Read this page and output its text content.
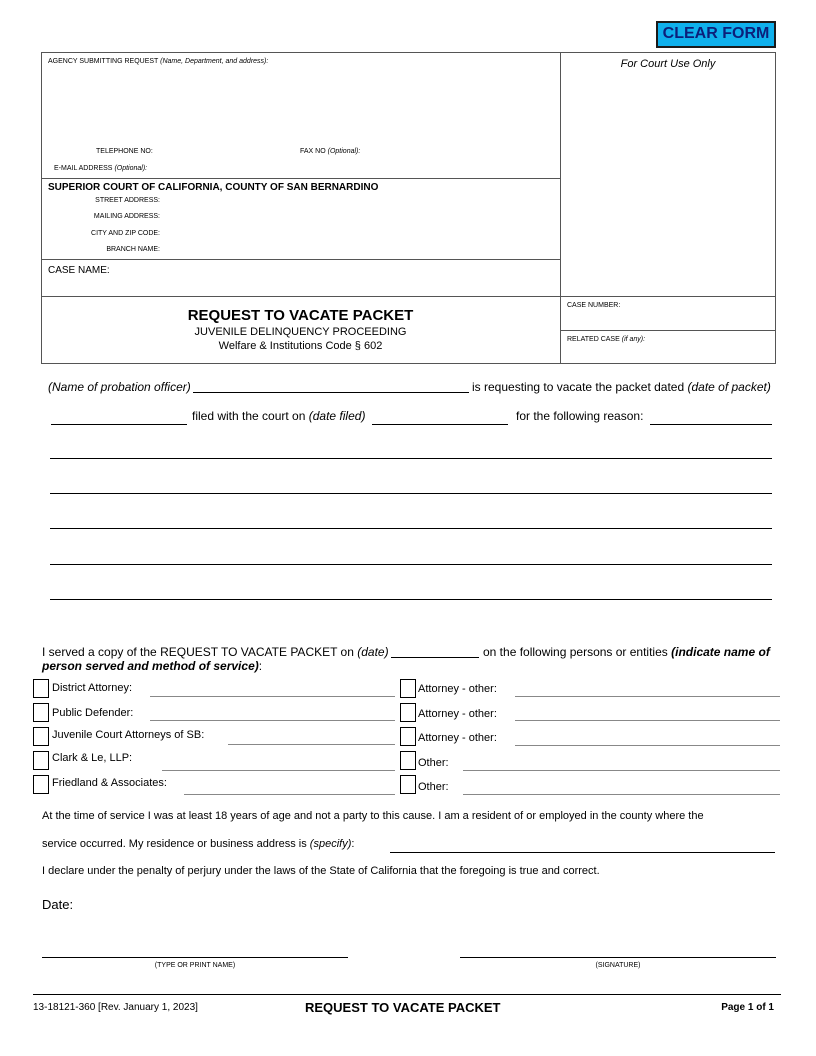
CLEAR FORM
AGENCY SUBMITTING REQUEST (Name, Department, and address):
TELEPHONE NO:	FAX NO (Optional):
E-MAIL ADDRESS (Optional):
For Court Use Only
SUPERIOR COURT OF CALIFORNIA, COUNTY OF SAN BERNARDINO
STREET ADDRESS:
MAILING ADDRESS:
CITY AND ZIP CODE:
BRANCH NAME:
CASE NAME:
REQUEST TO VACATE PACKET
JUVENILE DELINQUENCY PROCEEDING
Welfare & Institutions Code § 602
CASE NUMBER:
RELATED CASE (if any):
(Name of probation officer)	is requesting to vacate the packet dated (date of packet)
filed with the court on (date filed)	for the following reason:
I served a copy of the REQUEST TO VACATE PACKET on (date)	on the following persons or entities (indicate name of
person served and method of service):
District Attorney:
Public Defender:
Juvenile Court Attorneys of SB:
Clark & Le, LLP:
Friedland & Associates:
Attorney - other:
Attorney - other:
Attorney - other:
Other:
Other:
At the time of service I was at least 18 years of age and not a party to this cause. I am a resident of or employed in the county where the
service occurred. My residence or business address is (specify):
I declare under the penalty of perjury under the laws of the State of California that the foregoing is true and correct.
Date:
(TYPE OR PRINT NAME)	(SIGNATURE)
13-18121-360 [Rev. January 1, 2023]	REQUEST TO VACATE PACKET	Page 1 of 1
